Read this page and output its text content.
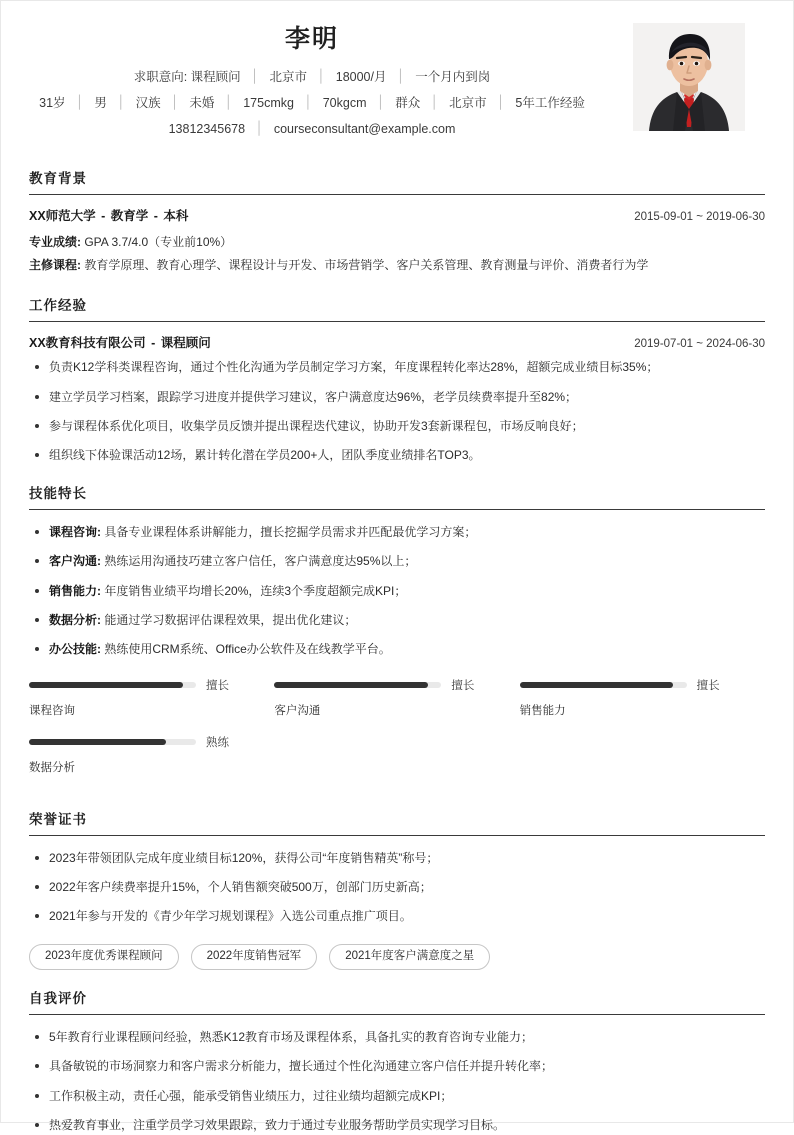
李明
求职意向: 课程顾问 │ 北京市 │ 18000/月 │ 一个月内到岗
31岁 │ 男 │ 汉族 │ 未婚 │ 175cmkg │ 70kgcm │ 群众 │ 北京市 │ 5年工作经验
13812345678 │ courseconsultant@example.com
教育背景
XX师范大学 - 教育学 - 本科	2015-09-01 ~ 2019-06-30
专业成绩: GPA 3.7/4.0（专业前10%）
主修课程: 教育学原理、教育心理学、课程设计与开发、市场营销学、客户关系管理、教育测量与评价、消费者行为学
工作经验
XX教育科技有限公司 - 课程顾问	2019-07-01 ~ 2024-06-30
负责K12学科类课程咨询，通过个性化沟通为学员制定学习方案，年度课程转化率达28%，超额完成业绩目标35%；
建立学员学习档案，跟踪学习进度并提供学习建议，客户满意度达96%，老学员续费率提升至82%；
参与课程体系优化项目，收集学员反馈并提出课程迭代建议，协助开发3套新课程包，市场反响良好；
组织线下体验课活动12场，累计转化潜在学员200+人，团队季度业绩排名TOP3。
技能特长
课程咨询: 具备专业课程体系讲解能力，擅长挖掘学员需求并匹配最优学习方案；
客户沟通: 熟练运用沟通技巧建立客户信任，客户满意度达95%以上；
销售能力: 年度销售业绩平均增长20%，连续3个季度超额完成KPI；
数据分析: 能通过学习数据评估课程效果，提出优化建议；
办公技能: 熟练使用CRM系统、Office办公软件及在线教学平台。
擅长
课程咨询
擅长
客户沟通
擅长
销售能力
熟练
数据分析
荣誉证书
2023年带领团队完成年度业绩目标120%，获得公司“年度销售精英”称号；
2022年客户续费率提升15%，个人销售额突破500万，创部门历史新高；
2021年参与开发的《青少年学习规划课程》入选公司重点推广项目。
2023年度优秀课程顾问	2022年度销售冠军	2021年度客户满意度之星
自我评价
5年教育行业课程顾问经验，熟悉K12教育市场及课程体系，具备扎实的教育咨询专业能力；
具备敏锐的市场洞察力和客户需求分析能力，擅长通过个性化沟通建立客户信任并提升转化率；
工作积极主动，责任心强，能承受销售业绩压力，过往业绩均超额完成KPI；
热爱教育事业，注重学员学习效果跟踪，致力于通过专业服务帮助学员实现学习目标。
